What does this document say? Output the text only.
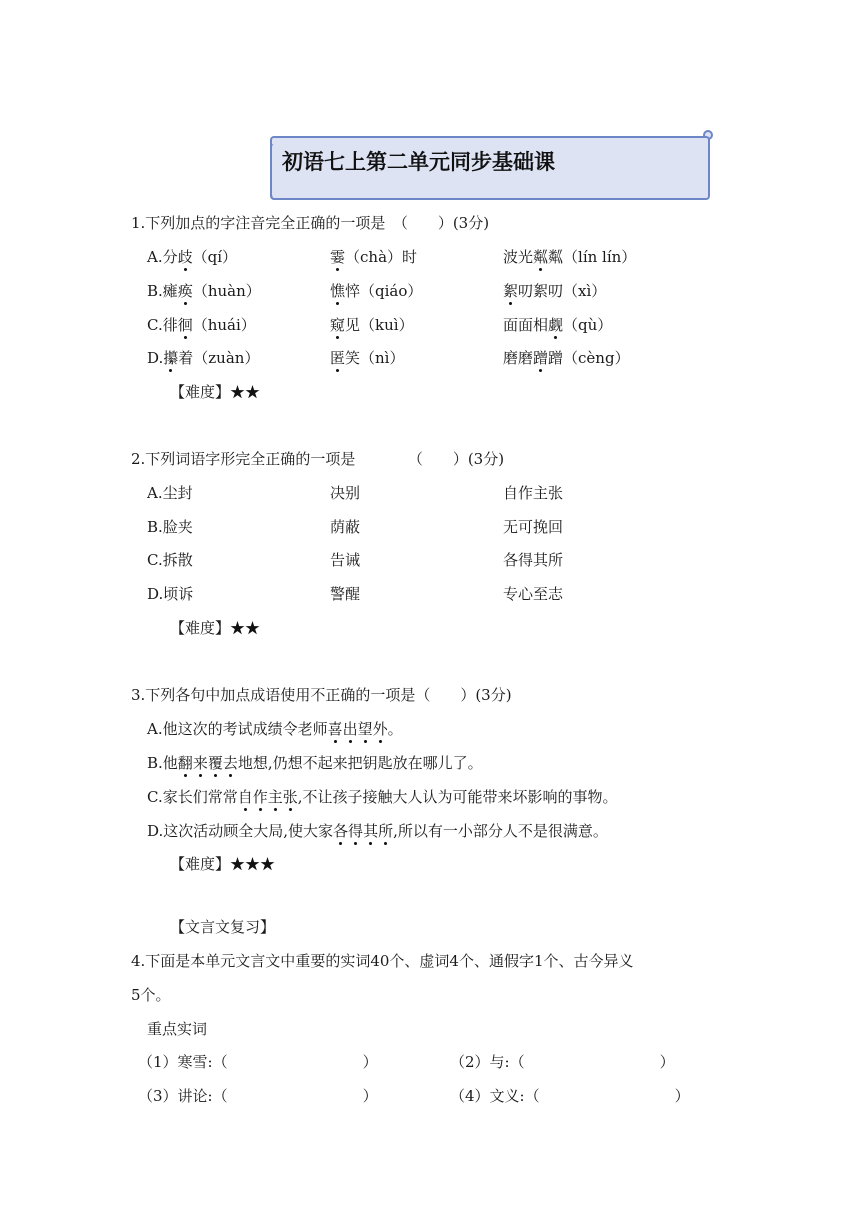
初语七上第二单元同步基础课
1.下列加点的字注音完全正确的一项是　（　　）(3分)
A.分歧（qí）	霎（chà）时	波光粼粼（lín lín）
B.瘫痪（huàn）	憔悴（qiáo）	絮叨絮叨（xì）
C.徘徊（huái）	窥见（kuì）	面面相觑（qù）
D.攥着（zuàn）	匿笑（nì）	磨磨蹭蹭（cèng）
【难度】★★
2.下列词语字形完全正确的一项是　　　　（　　）(3分)
A.尘封	决别	自作主张
B.脸夹	荫蔽	无可挽回
C.拆散	告诫	各得其所
D.顷诉	警醒	专心至志
【难度】★★
3.下列各句中加点成语使用不正确的一项是（　　）(3分)
A.他这次的考试成绩令老师喜出望外。
B.他翻来覆去地想,仍想不起来把钥匙放在哪儿了。
C.家长们常常自作主张,不让孩子接触大人认为可能带来坏影响的事物。
D.这次活动顾全大局,使大家各得其所,所以有一小部分人不是很满意。
【难度】★★★
【文言文复习】
4.下面是本单元文言文中重要的实词40个、虚词4个、通假字1个、古今异义
5个。
重点实词
（1）寒雪:（　　　　　　　　　）	（2）与:（　　　　　　　　　）
（3）讲论:（　　　　　　　　　）	（4）文义:（　　　　　　　　　）
